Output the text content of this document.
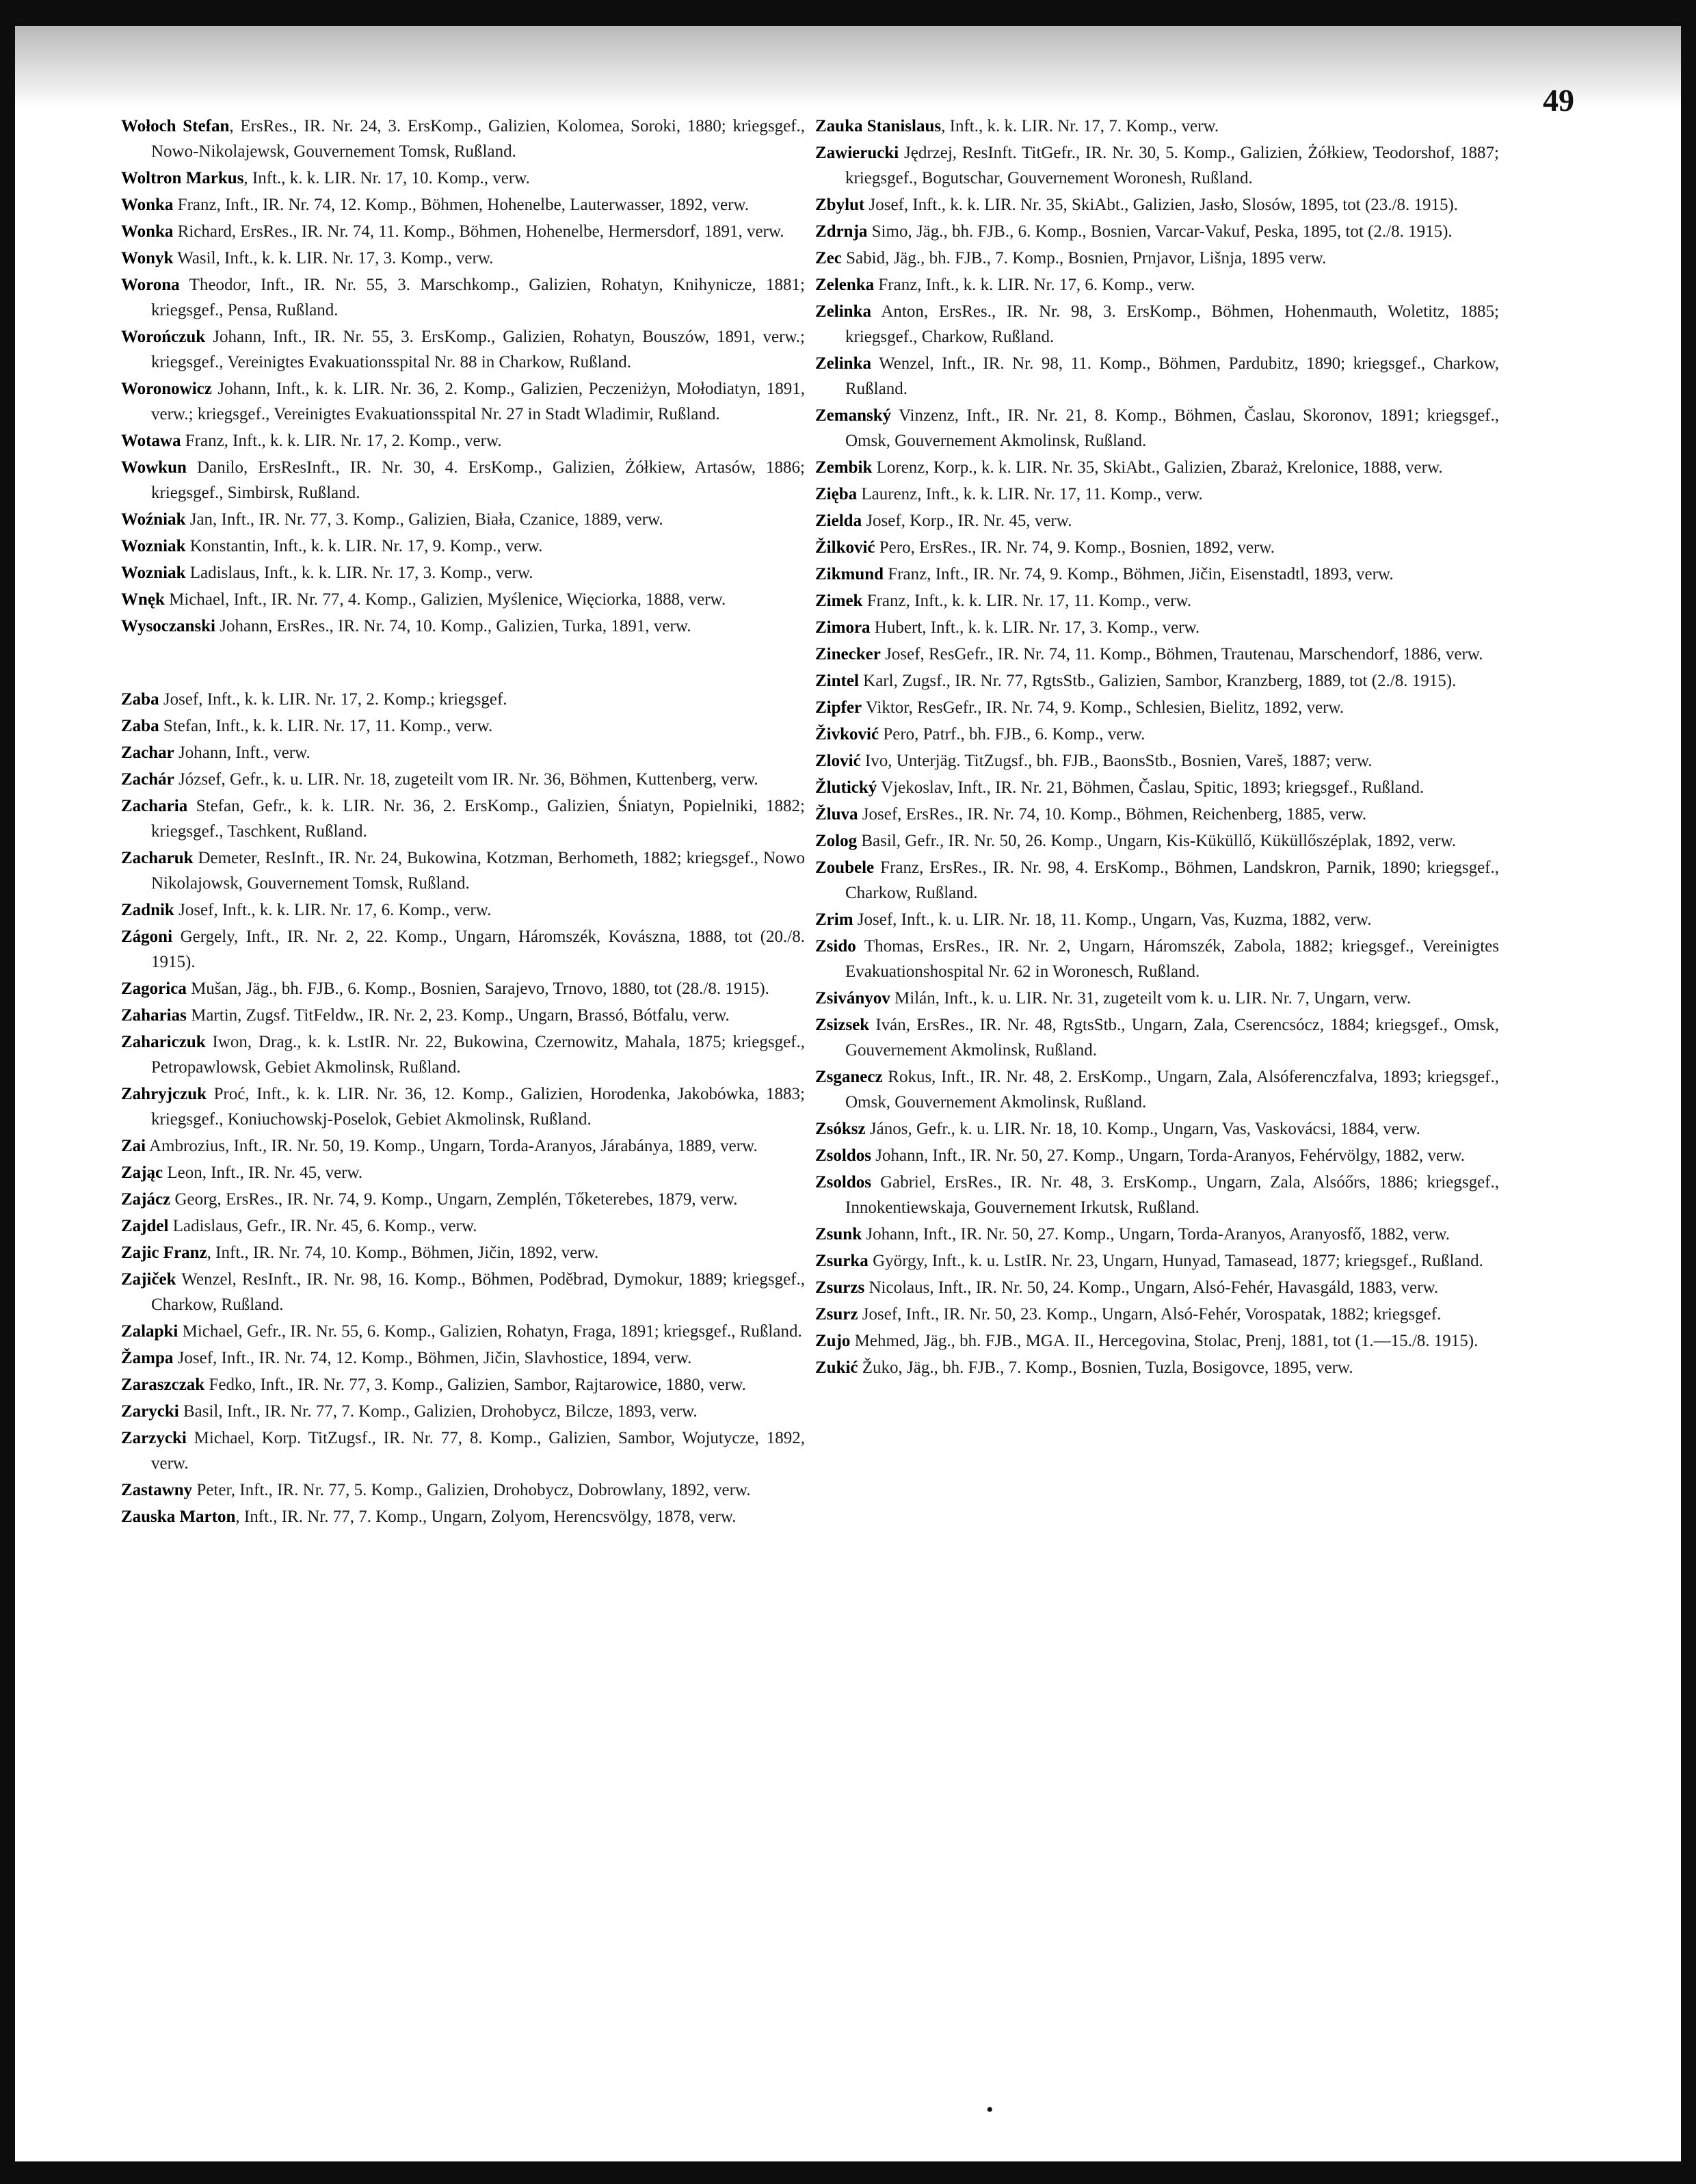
49

Wołoch Stefan, ErsRes., IR. Nr. 24, 3. ErsKomp., Galizien, Kolomea, Soroki, 1880; kriegsgef., Nowo-Nikolajewsk, Gouvernement Tomsk, Rußland.

Woltron Markus, Inft., k. k. LIR. Nr. 17, 10. Komp., verw.

Wonka Franz, Inft., IR. Nr. 74, 12. Komp., Böhmen, Hohenelbe, Lauterwasser, 1892, verw.

Wonka Richard, ErsRes., IR. Nr. 74, 11. Komp., Böhmen, Hohenelbe, Hermersdorf, 1891, verw.

Wonyk Wasil, Inft., k. k. LIR. Nr. 17, 3. Komp., verw.

Worona Theodor, Inft., IR. Nr. 55, 3. Marschkomp., Galizien, Rohatyn, Knihynicze, 1881; kriegsgef., Pensa, Rußland.

Worończuk Johann, Inft., IR. Nr. 55, 3. ErsKomp., Galizien, Rohatyn, Bouszów, 1891, verw.; kriegsgef., Vereinigtes Evakuationsspital Nr. 88 in Charkow, Rußland.

Woronowicz Johann, Inft., k. k. LIR. Nr. 36, 2. Komp., Galizien, Peczeniżyn, Mołodiatyn, 1891, verw.; kriegsgef., Vereinigtes Evakuationsspital Nr. 27 in Stadt Wladimir, Rußland.

Wotawa Franz, Inft., k. k. LIR. Nr. 17, 2. Komp., verw.

Wowkun Danilo, ErsResInft., IR. Nr. 30, 4. ErsKomp., Galizien, Żółkiew, Artasów, 1886; kriegsgef., Simbirsk, Rußland.

Woźniak Jan, Inft., IR. Nr. 77, 3. Komp., Galizien, Biała, Czanice, 1889, verw.

Wozniak Konstantin, Inft., k. k. LIR. Nr. 17, 9. Komp., verw.

Wozniak Ladislaus, Inft., k. k. LIR. Nr. 17, 3. Komp., verw.

Wnęk Michael, Inft., IR. Nr. 77, 4. Komp., Galizien, Myślenice, Więciorka, 1888, verw.

Wysoczanski Johann, ErsRes., IR. Nr. 74, 10. Komp., Galizien, Turka, 1891, verw.

Zaba Josef, Inft., k. k. LIR. Nr. 17, 2. Komp.; kriegsgef.

Zaba Stefan, Inft., k. k. LIR. Nr. 17, 11. Komp., verw.

Zachar Johann, Inft., verw.

Zachár József, Gefr., k. u. LIR. Nr. 18, zugeteilt vom IR. Nr. 36, Böhmen, Kuttenberg, verw.

Zacharia Stefan, Gefr., k. k. LIR. Nr. 36, 2. ErsKomp., Galizien, Śniatyn, Popielniki, 1882; kriegsgef., Taschkent, Rußland.

Zacharuk Demeter, ResInft., IR. Nr. 24, Bukowina, Kotzman, Berhometh, 1882; kriegsgef., Nowo Nikolajowsk, Gouvernement Tomsk, Rußland.

Zadnik Josef, Inft., k. k. LIR. Nr. 17, 6. Komp., verw.

Zágoni Gergely, Inft., IR. Nr. 2, 22. Komp., Ungarn, Háromszék, Kovászna, 1888, tot (20./8. 1915).

Zagorica Mušan, Jäg., bh. FJB., 6. Komp., Bosnien, Sarajevo, Trnovo, 1880, tot (28./8. 1915).

Zaharias Martin, Zugsf. TitFeldw., IR. Nr. 2, 23. Komp., Ungarn, Brassó, Bótfalu, verw.

Zahariczuk Iwon, Drag., k. k. LstIR. Nr. 22, Bukowina, Czernowitz, Mahala, 1875; kriegsgef., Petropawlowsk, Gebiet Akmolinsk, Rußland.

Zahryjczuk Proć, Inft., k. k. LIR. Nr. 36, 12. Komp., Galizien, Horodenka, Jakobówka, 1883; kriegsgef., Koniuchowskj-Poselok, Gebiet Akmolinsk, Rußland.

Zai Ambrozius, Inft., IR. Nr. 50, 19. Komp., Ungarn, Torda-Aranyos, Járabánya, 1889, verw.

Zając Leon, Inft., IR. Nr. 45, verw.

Zajácz Georg, ErsRes., IR. Nr. 74, 9. Komp., Ungarn, Zemplén, Tőketerebes, 1879, verw.

Zajdel Ladislaus, Gefr., IR. Nr. 45, 6. Komp., verw.

Zajic Franz, Inft., IR. Nr. 74, 10. Komp., Böhmen, Jičin, 1892, verw.

Zajiček Wenzel, ResInft., IR. Nr. 98, 16. Komp., Böhmen, Poděbrad, Dymokur, 1889; kriegsgef., Charkow, Rußland.

Zalapki Michael, Gefr., IR. Nr. 55, 6. Komp., Galizien, Rohatyn, Fraga, 1891; kriegsgef., Rußland.

Žampa Josef, Inft., IR. Nr. 74, 12. Komp., Böhmen, Jičin, Slavhostice, 1894, verw.

Zaraszczak Fedko, Inft., IR. Nr. 77, 3. Komp., Galizien, Sambor, Rajtarowice, 1880, verw.

Zarycki Basil, Inft., IR. Nr. 77, 7. Komp., Galizien, Drohobycz, Bilcze, 1893, verw.

Zarzycki Michael, Korp. TitZugsf., IR. Nr. 77, 8. Komp., Galizien, Sambor, Wojutycze, 1892, verw.

Zastawny Peter, Inft., IR. Nr. 77, 5. Komp., Galizien, Drohobycz, Dobrowlany, 1892, verw.

Zauska Marton, Inft., IR. Nr. 77, 7. Komp., Ungarn, Zolyom, Herencsvölgy, 1878, verw.

Zauka Stanislaus, Inft., k. k. LIR. Nr. 17, 7. Komp., verw.

Zawierucki Jędrzej, ResInft. TitGefr., IR. Nr. 30, 5. Komp., Galizien, Żółkiew, Teodorshof, 1887; kriegsgef., Bogutschar, Gouvernement Woronesh, Rußland.

Zbylut Josef, Inft., k. k. LIR. Nr. 35, SkiAbt., Galizien, Jasło, Slosów, 1895, tot (23./8. 1915).

Zdrnja Simo, Jäg., bh. FJB., 6. Komp., Bosnien, Varcar-Vakuf, Peska, 1895, tot (2./8. 1915).

Zec Sabid, Jäg., bh. FJB., 7. Komp., Bosnien, Prnjavor, Lišnja, 1895 verw.

Zelenka Franz, Inft., k. k. LIR. Nr. 17, 6. Komp., verw.

Zelinka Anton, ErsRes., IR. Nr. 98, 3. ErsKomp., Böhmen, Hohenmauth, Woletitz, 1885; kriegsgef., Charkow, Rußland.

Zelinka Wenzel, Inft., IR. Nr. 98, 11. Komp., Böhmen, Pardubitz, 1890; kriegsgef., Charkow, Rußland.

Zemanský Vinzenz, Inft., IR. Nr. 21, 8. Komp., Böhmen, Časlau, Skoronov, 1891; kriegsgef., Omsk, Gouvernement Akmolinsk, Rußland.

Zembik Lorenz, Korp., k. k. LIR. Nr. 35, SkiAbt., Galizien, Zbaraż, Krelonice, 1888, verw.

Zięba Laurenz, Inft., k. k. LIR. Nr. 17, 11. Komp., verw.

Zielda Josef, Korp., IR. Nr. 45, verw.

Žilković Pero, ErsRes., IR. Nr. 74, 9. Komp., Bosnien, 1892, verw.

Zikmund Franz, Inft., IR. Nr. 74, 9. Komp., Böhmen, Jičin, Eisenstadtl, 1893, verw.

Zimek Franz, Inft., k. k. LIR. Nr. 17, 11. Komp., verw.

Zimora Hubert, Inft., k. k. LIR. Nr. 17, 3. Komp., verw.

Zinecker Josef, ResGefr., IR. Nr. 74, 11. Komp., Böhmen, Trautenau, Marschendorf, 1886, verw.

Zintel Karl, Zugsf., IR. Nr. 77, RgtsStb., Galizien, Sambor, Kranzberg, 1889, tot (2./8. 1915).

Zipfer Viktor, ResGefr., IR. Nr. 74, 9. Komp., Schlesien, Bielitz, 1892, verw.

Živković Pero, Patrf., bh. FJB., 6. Komp., verw.

Zlović Ivo, Unterjäg. TitZugsf., bh. FJB., BaonsStb., Bosnien, Vareš, 1887; verw.

Žlutický Vjekoslav, Inft., IR. Nr. 21, Böhmen, Časlau, Spitic, 1893; kriegsgef., Rußland.

Žluva Josef, ErsRes., IR. Nr. 74, 10. Komp., Böhmen, Reichenberg, 1885, verw.

Zolog Basil, Gefr., IR. Nr. 50, 26. Komp., Ungarn, Kis-Küküllő, Küküllőszéplak, 1892, verw.

Zoubele Franz, ErsRes., IR. Nr. 98, 4. ErsKomp., Böhmen, Landskron, Parnik, 1890; kriegsgef., Charkow, Rußland.

Zrim Josef, Inft., k. u. LIR. Nr. 18, 11. Komp., Ungarn, Vas, Kuzma, 1882, verw.

Zsido Thomas, ErsRes., IR. Nr. 2, Ungarn, Háromszék, Zabola, 1882; kriegsgef., Vereinigtes Evakuationshospital Nr. 62 in Woronesch, Rußland.

Zsiványov Milán, Inft., k. u. LIR. Nr. 31, zugeteilt vom k. u. LIR. Nr. 7, Ungarn, verw.

Zsizsek Iván, ErsRes., IR. Nr. 48, RgtsStb., Ungarn, Zala, Cserencsócz, 1884; kriegsgef., Omsk, Gouvernement Akmolinsk, Rußland.

Zsganecz Rokus, Inft., IR. Nr. 48, 2. ErsKomp., Ungarn, Zala, Alsóferenczfalva, 1893; kriegsgef., Omsk, Gouvernement Akmolinsk, Rußland.

Zsóksz János, Gefr., k. u. LIR. Nr. 18, 10. Komp., Ungarn, Vas, Vaskovácsi, 1884, verw.

Zsoldos Johann, Inft., IR. Nr. 50, 27. Komp., Ungarn, Torda-Aranyos, Fehérvölgy, 1882, verw.

Zsoldos Gabriel, ErsRes., IR. Nr. 48, 3. ErsKomp., Ungarn, Zala, Alsóőrs, 1886; kriegsgef., Innokentiewskaja, Gouvernement Irkutsk, Rußland.

Zsunk Johann, Inft., IR. Nr. 50, 27. Komp., Ungarn, Torda-Aranyos, Aranyosfő, 1882, verw.

Zsurka György, Inft., k. u. LstIR. Nr. 23, Ungarn, Hunyad, Tamasead, 1877; kriegsgef., Rußland.

Zsurzs Nicolaus, Inft., IR. Nr. 50, 24. Komp., Ungarn, Alsó-Fehér, Havasgáld, 1883, verw.

Zsurz Josef, Inft., IR. Nr. 50, 23. Komp., Ungarn, Alsó-Fehér, Vorospatak, 1882; kriegsgef.

Zujo Mehmed, Jäg., bh. FJB., MGA. II., Hercegovina, Stolac, Prenj, 1881, tot (1.—15./8. 1915).

Zukić Žuko, Jäg., bh. FJB., 7. Komp., Bosnien, Tuzla, Bosigovce, 1895, verw.

•
